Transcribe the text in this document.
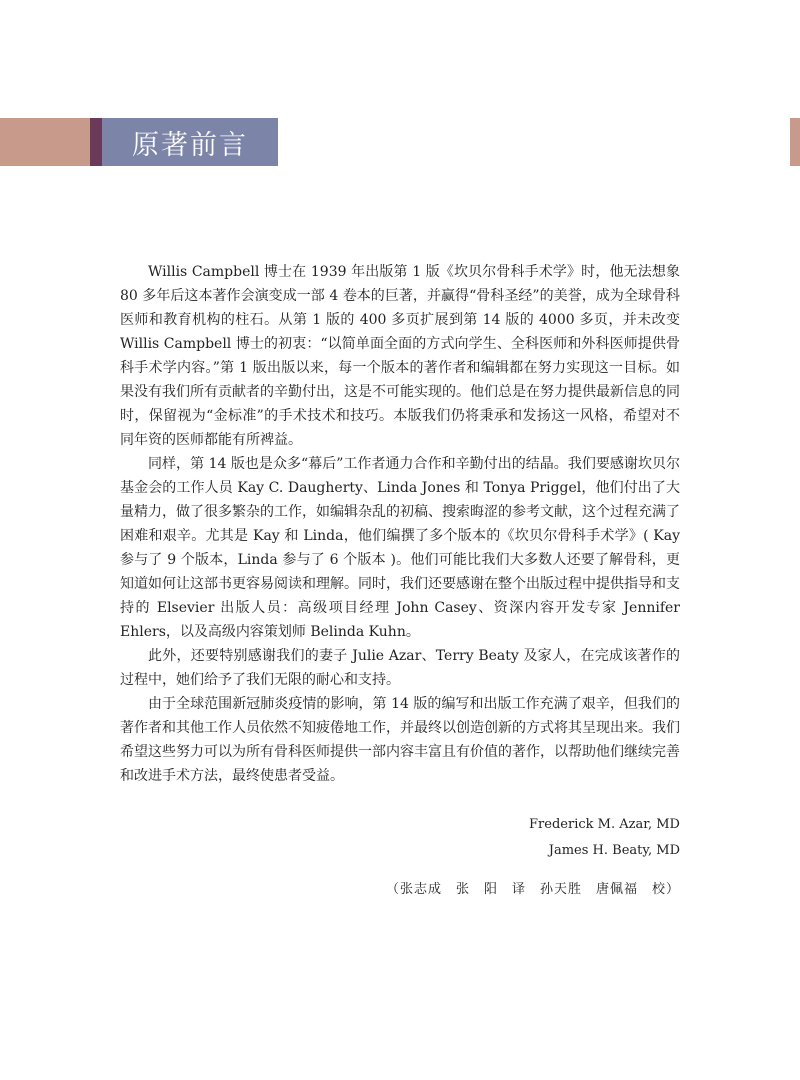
原著前言

Willis Campbell 博士在 1939 年出版第 1 版《坎贝尔骨科手术学》时，他无法想象 80 多年后这本著作会演变成一部 4 卷本的巨著，并赢得“骨科圣经”的美誉，成为全球骨科医师和教育机构的柱石。从第 1 版的 400 多页扩展到第 14 版的 4000 多页，并未改变 Willis Campbell 博士的初衷：“以简单面全面的方式向学生、全科医师和外科医师提供骨科手术学内容。”第 1 版出版以来，每一个版本的著作者和编辑都在努力实现这一目标。如果没有我们所有贡献者的辛勤付出，这是不可能实现的。他们总是在努力提供最新信息的同时，保留视为“金标准”的手术技术和技巧。本版我们仍将秉承和发扬这一风格，希望对不同年资的医师都能有所裨益。

同样，第 14 版也是众多“幕后”工作者通力合作和辛勤付出的结晶。我们要感谢坎贝尔基金会的工作人员 Kay C. Daugherty、Linda Jones 和 Tonya Priggel，他们付出了大量精力，做了很多繁杂的工作，如编辑杂乱的初稿、搜索晦涩的参考文献，这个过程充满了困难和艰辛。尤其是 Kay 和 Linda，他们编撰了多个版本的《坎贝尔骨科手术学》( Kay 参与了 9 个版本，Linda 参与了 6 个版本 )。他们可能比我们大多数人还要了解骨科，更知道如何让这部书更容易阅读和理解。同时，我们还要感谢在整个出版过程中提供指导和支持的 Elsevier 出版人员：高级项目经理 John Casey、资深内容开发专家 Jennifer Ehlers，以及高级内容策划师 Belinda Kuhn。

此外，还要特别感谢我们的妻子 Julie Azar、Terry Beaty 及家人，在完成该著作的过程中，她们给予了我们无限的耐心和支持。

由于全球范围新冠肺炎疫情的影响，第 14 版的编写和出版工作充满了艰辛，但我们的著作者和其他工作人员依然不知疲倦地工作，并最终以创造创新的方式将其呈现出来。我们希望这些努力可以为所有骨科医师提供一部内容丰富且有价值的著作，以帮助他们继续完善和改进手术方法，最终使患者受益。

Frederick M. Azar, MD
James H. Beaty, MD
（张志成　张　阳　译　孙天胜　唐佩福　校）
